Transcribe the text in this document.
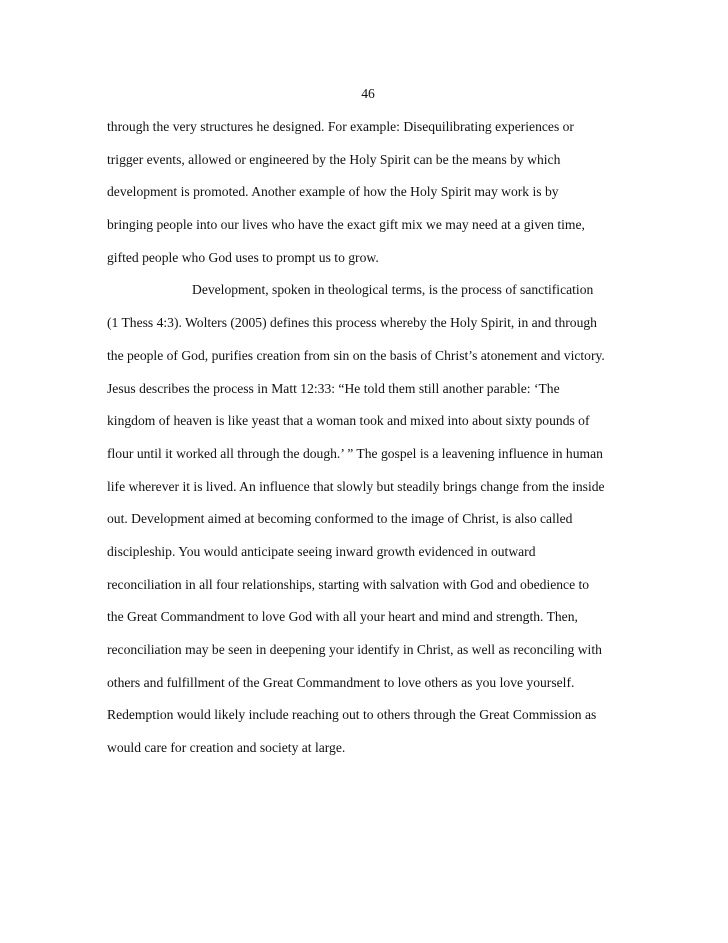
46
through the very structures he designed. For example: Disequilibrating experiences or
trigger events, allowed or engineered by the Holy Spirit can be the means by which
development is promoted. Another example of how the Holy Spirit may work is by
bringing people into our lives who have the exact gift mix we may need at a given time,
gifted people who God uses to prompt us to grow.
Development, spoken in theological terms, is the process of sanctification
(1 Thess 4:3). Wolters (2005) defines this process whereby the Holy Spirit, in and through
the people of God, purifies creation from sin on the basis of Christ’s atonement and victory.
Jesus describes the process in Matt 12:33: “He told them still another parable: ‘The
kingdom of heaven is like yeast that a woman took and mixed into about sixty pounds of
flour until it worked all through the dough.’ ” The gospel is a leavening influence in human
life wherever it is lived. An influence that slowly but steadily brings change from the inside
out. Development aimed at becoming conformed to the image of Christ, is also called
discipleship. You would anticipate seeing inward growth evidenced in outward
reconciliation in all four relationships, starting with salvation with God and obedience to
the Great Commandment to love God with all your heart and mind and strength. Then,
reconciliation may be seen in deepening your identify in Christ, as well as reconciling with
others and fulfillment of the Great Commandment to love others as you love yourself.
Redemption would likely include reaching out to others through the Great Commission as
would care for creation and society at large.
